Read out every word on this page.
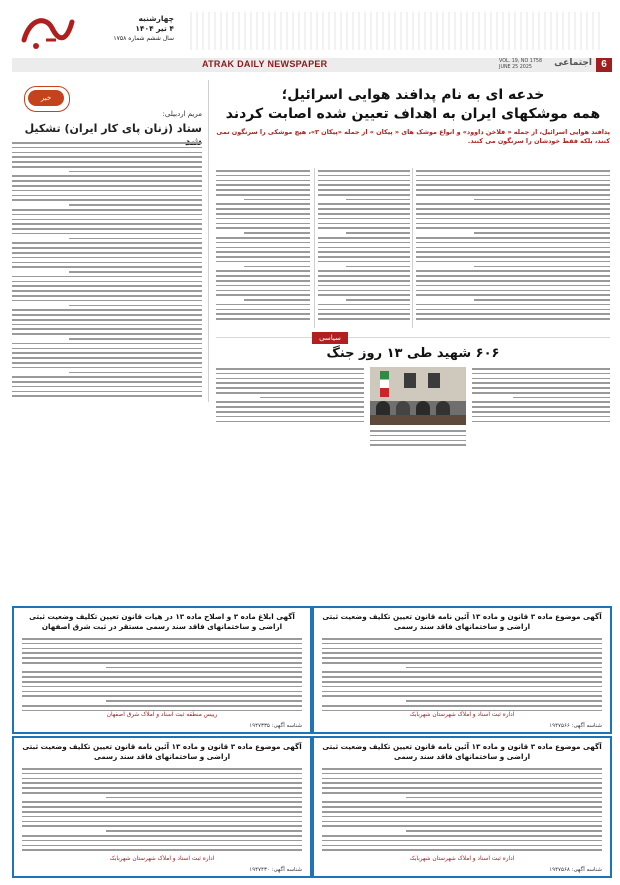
چهارشنبه
۴ تیر ۱۴۰۴
سال ششم شماره ۱۷۵۸
ATRAK DAILY NEWSPAPER	VOL. 19, NO 1758
JUNE 25 2025	اجتماعی 6
خبر
مریم اردبیلی:
ستاد (زنان پای کار ایران) تشکیل
خدعه ای به نام پدافند هوایی اسرائیل؛
همه موشکهای ایران به اهداف تعیین شده اصابت کردند
پدافند هوایی اسرائیل، از جمله « فلاخن داوود» و انواع موشک های « پیکان » از جمله «پیکان ۳»، هیچ موشکی را سرنگون نمی کنند، بلکه فقط خودشان را سرنگون می کنند.
سیاسی
۶۰۶ شهید طی ۱۳ روز جنگ
آگهی موضوع ماده ۳ قانون و ماده ۱۳ آئین نامه قانون تعیین تکلیف وضعیت ثبتی اراضی و ساختمانهای فاقد سند رسمی
اداره ثبت اسناد و املاک شهرستان شهربابک
شناسه آگهی: ۱۹۴۷۵۶۶
آگهی ابلاغ ماده ۳ و اصلاح ماده ۱۳ در هیات قانون تعیین تکلیف وضعیت ثبتی اراضی و ساختمانهای فاقد سند رسمی مستقر در ثبت شرق اصفهان
رییس منطقه ثبت اسناد و املاک شرق اصفهان
شناسه آگهی: ۱۹۴۷۳۳۵
آگهی موضوع ماده ۳ قانون و ماده ۱۳ آئین نامه قانون تعیین تکلیف وضعیت ثبتی اراضی و ساختمانهای فاقد سند رسمی
اداره ثبت اسناد و املاک شهرستان شهربابک
شناسه آگهی: ۱۹۴۷۵۶۸
آگهی موضوع ماده ۳ قانون و ماده ۱۳ آئین نامه قانون تعیین تکلیف وضعیت ثبتی اراضی و ساختمانهای فاقد سند رسمی
اداره ثبت اسناد و املاک شهرستان شهربابک
شناسه آگهی: ۱۹۴۷۴۳۰
